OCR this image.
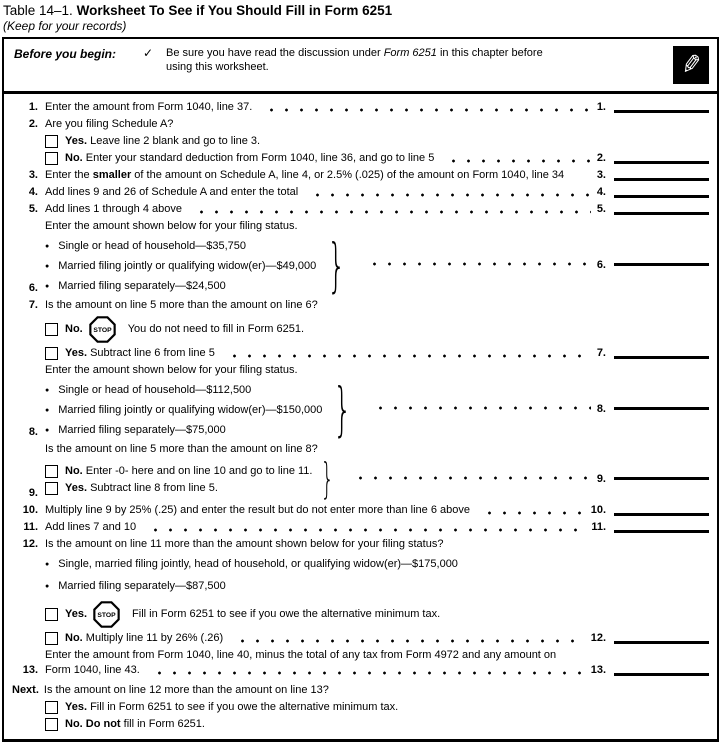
Table 14–1. Worksheet To See if You Should Fill in Form 6251
(Keep for your records)
Before you begin:	✓	Be sure you have read the discussion under Form 6251 in this chapter before using this worksheet.	✎
1. Enter the amount from Form 1040, line 37.	1.
2. Are you filing Schedule A?
Yes. Leave line 2 blank and go to line 3.
No. Enter your standard deduction from Form 1040, line 36, and go to line 5	2.
3. Enter the smaller of the amount on Schedule A, line 4, or 2.5% (.025) of the amount on Form 1040, line 34	3.
4. Add lines 9 and 26 of Schedule A and enter the total	4.
5. Add lines 1 through 4 above	5.
6.
Enter the amount shown below for your filing status.
● Single or head of household—$35,750
● Married filing jointly or qualifying widow(er)—$49,000
● Married filing separately—$24,500 }	6.
7. Is the amount on line 5 more than the amount on line 6?
No. STOP You do not need to fill in Form 6251.
Yes. Subtract line 6 from line 5	7.
8.
Enter the amount shown below for your filing status.
● Single or head of household—$112,500
● Married filing jointly or qualifying widow(er)—$150,000
● Married filing separately—$75,000 }	8.
9.
Is the amount on line 5 more than the amount on line 8?
No. Enter -0- here and on line 10 and go to line 11.
Yes. Subtract line 8 from line 5. }	9.
10. Multiply line 9 by 25% (.25) and enter the result but do not enter more than line 6 above	10.
11. Add lines 7 and 10	11.
12. Is the amount on line 11 more than the amount shown below for your filing status?
● Single, married filing jointly, head of household, or qualifying widow(er)—$175,000
● Married filing separately—$87,500
Yes. STOP Fill in Form 6251 to see if you owe the alternative minimum tax.
No. Multiply line 11 by 26% (.26)	12.
13.
Enter the amount from Form 1040, line 40, minus the total of any tax from Form 4972 and any amount on
Form 1040, line 43.	13.
Next. Is the amount on line 12 more than the amount on line 13?
Yes. Fill in Form 6251 to see if you owe the alternative minimum tax.
No. Do not fill in Form 6251.
